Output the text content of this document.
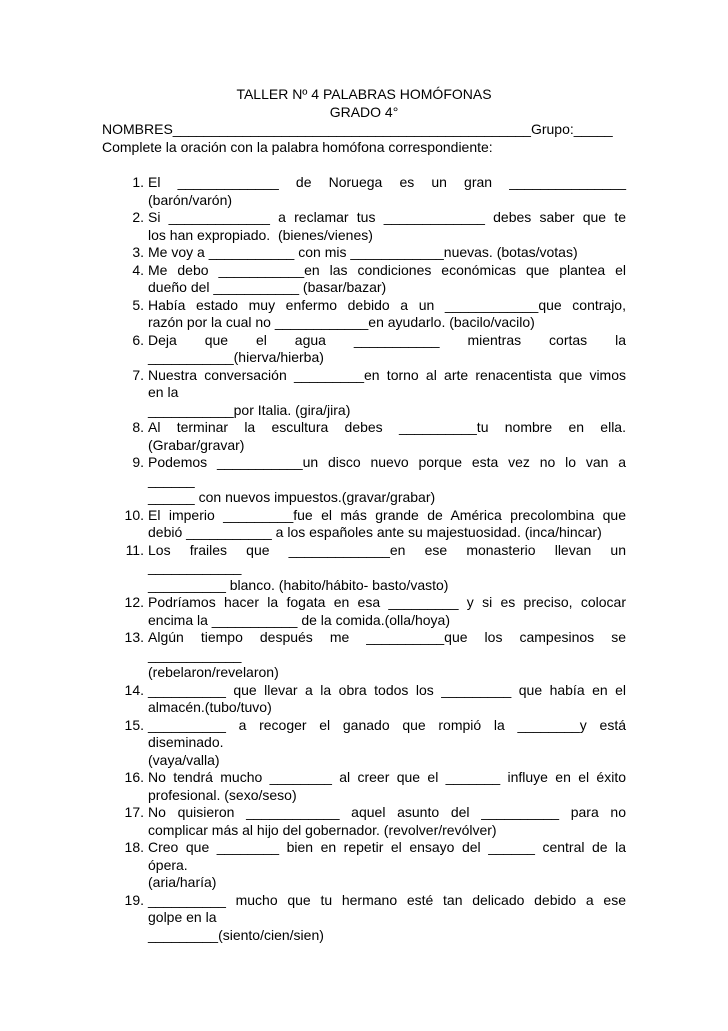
TALLER Nº 4 PALABRAS HOMÓFONAS
GRADO 4°
NOMBRES______________________________________________Grupo:_____
Complete la oración con la palabra homófona correspondiente:
1. El _____________ de Noruega es un gran _______________
(barón/varón)
2. Si _____________ a reclamar tus _____________ debes saber que te
los han expropiado.  (bienes/vienes)
3. Me voy a ___________ con mis ____________nuevas. (botas/votas)
4. Me debo ___________en las condiciones económicas que plantea el
dueño del ___________ (basar/bazar)
5. Había estado muy enfermo debido a un ____________que contrajo,
razón por la cual no ____________en ayudarlo. (bacilo/vacilo)
6. Deja que el agua ___________ mientras cortas la
___________(hierva/hierba)
7. Nuestra conversación _________en torno al arte renacentista que vimos
en la
___________por Italia. (gira/jira)
8. Al terminar la escultura debes __________tu nombre en ella.
(Grabar/gravar)
9. Podemos ___________un disco nuevo porque esta vez no lo van a
______
______ con nuevos impuestos.(gravar/grabar)
10. El imperio _________fue el más grande de América precolombina que
debió ___________ a los españoles ante su majestuosidad. (inca/hincar)
11. Los frailes que _____________en ese monasterio llevan un
____________
__________ blanco. (habito/hábito- basto/vasto)
12. Podríamos hacer la fogata en esa _________ y si es preciso, colocar
encima la ___________ de la comida.(olla/hoya)
13. Algún tiempo después me __________que los campesinos se
____________
(rebelaron/revelaron)
14. __________ que llevar a la obra todos los _________ que había en el
almacén.(tubo/tuvo)
15. __________ a recoger el ganado que rompió la ________y está
diseminado.
(vaya/valla)
16. No tendrá mucho ________ al creer que el _______ influye en el éxito
profesional. (sexo/seso)
17. No quisieron ____________ aquel asunto del __________ para no
complicar más al hijo del gobernador. (revolver/revólver)
18. Creo que ________ bien en repetir el ensayo del ______ central de la
ópera.
(aria/haría)
19. __________ mucho que tu hermano esté tan delicado debido a ese
golpe en la
_________(siento/cien/sien)
